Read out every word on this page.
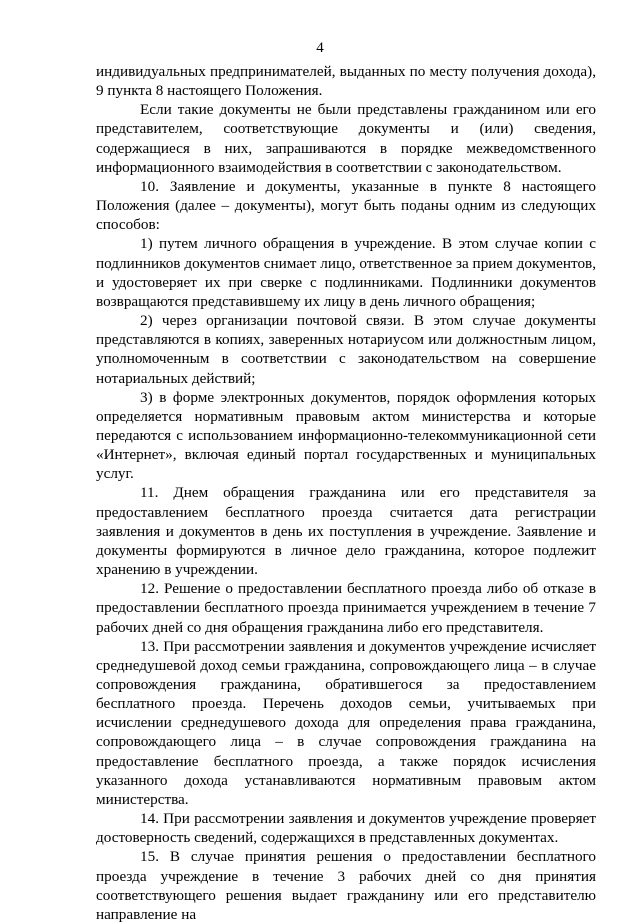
4

индивидуальных предпринимателей, выданных по месту получения дохода), 9 пункта 8 настоящего Положения.

Если такие документы не были представлены гражданином или его представителем, соответствующие документы и (или) сведения, содержащиеся в них, запрашиваются в порядке межведомственного информационного взаимодействия в соответствии с законодательством.

10. Заявление и документы, указанные в пункте 8 настоящего Положения (далее – документы), могут быть поданы одним из следующих способов:

1) путем личного обращения в учреждение. В этом случае копии с подлинников документов снимает лицо, ответственное за прием документов, и удостоверяет их при сверке с подлинниками. Подлинники документов возвращаются представившему их лицу в день личного обращения;

2) через организации почтовой связи. В этом случае документы представляются в копиях, заверенных нотариусом или должностным лицом, уполномоченным в соответствии с законодательством на совершение нотариальных действий;

3) в форме электронных документов, порядок оформления которых определяется нормативным правовым актом министерства и которые передаются с использованием информационно-телекоммуникационной сети «Интернет», включая единый портал государственных и муниципальных услуг.

11. Днем обращения гражданина или его представителя за предоставлением бесплатного проезда считается дата регистрации заявления и документов в день их поступления в учреждение. Заявление и документы формируются в личное дело гражданина, которое подлежит хранению в учреждении.

12. Решение о предоставлении бесплатного проезда либо об отказе в предоставлении бесплатного проезда принимается учреждением в течение 7 рабочих дней со дня обращения гражданина либо его представителя.

13. При рассмотрении заявления и документов учреждение исчисляет среднедушевой доход семьи гражданина, сопровождающего лица – в случае сопровождения гражданина, обратившегося за предоставлением бесплатного проезда. Перечень доходов семьи, учитываемых при исчислении среднедушевого дохода для определения права гражданина, сопровождающего лица – в случае сопровождения гражданина на предоставление бесплатного проезда, а также порядок исчисления указанного дохода устанавливаются нормативным правовым актом министерства.

14. При рассмотрении заявления и документов учреждение проверяет достоверность сведений, содержащихся в представленных документах.

15. В случае принятия решения о предоставлении бесплатного проезда учреждение в течение 3 рабочих дней со дня принятия соответствующего решения выдает гражданину или его представителю направление на
